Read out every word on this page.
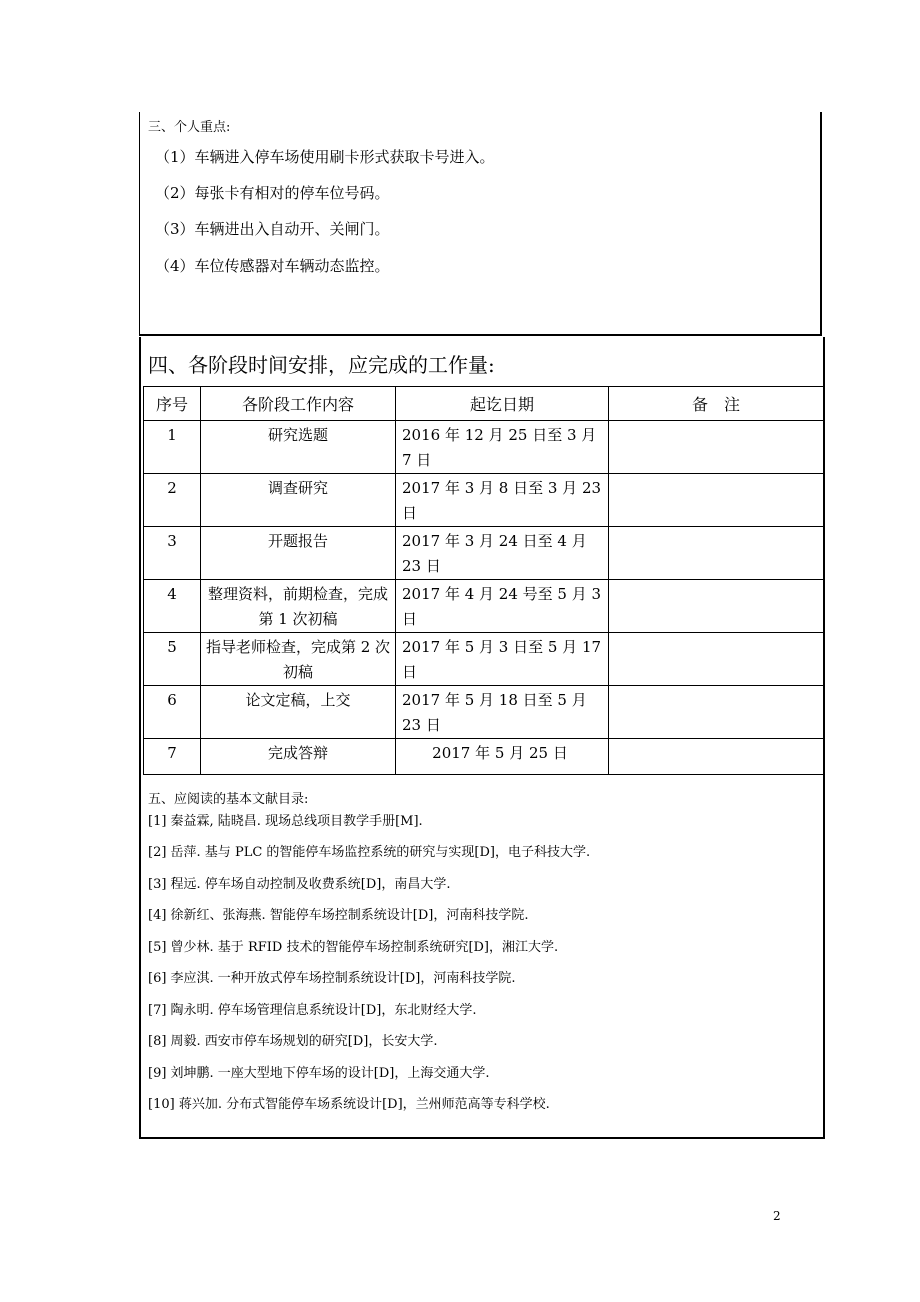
三、个人重点:
（1）车辆进入停车场使用刷卡形式获取卡号进入。
（2）每张卡有相对的停车位号码。
（3）车辆进出入自动开、关闸门。
（4）车位传感器对车辆动态监控。
四、各阶段时间安排，应完成的工作量:
序号	各阶段工作内容	起讫日期	备　注
1	研究选题	2016 年 12 月 25 日至 3 月 7 日	
2	调查研究	2017 年 3 月 8 日至 3 月 23 日	
3	开题报告	2017 年 3 月 24 日至 4 月 23 日	
4	整理资料，前期检查，完成第 1 次初稿	2017 年 4 月 24 号至 5 月 3 日	
5	指导老师检查，完成第 2 次初稿	2017 年 5 月 3 日至 5 月 17 日	
6	论文定稿，上交	2017 年 5 月 18 日至 5 月 23 日	
7	完成答辩	2017 年 5 月 25 日	
五、应阅读的基本文献目录:
[1] 秦益霖, 陆晓昌. 现场总线项目教学手册[M].
[2] 岳萍. 基与 PLC 的智能停车场监控系统的研究与实现[D]，电子科技大学.
[3] 程远. 停车场自动控制及收费系统[D]，南昌大学.
[4] 徐新红、张海燕. 智能停车场控制系统设计[D]，河南科技学院.
[5] 曾少林. 基于 RFID 技术的智能停车场控制系统研究[D]，湘江大学.
[6] 李应淇. 一种开放式停车场控制系统设计[D]，河南科技学院.
[7] 陶永明. 停车场管理信息系统设计[D]，东北财经大学.
[8] 周毅. 西安市停车场规划的研究[D]，长安大学.
[9] 刘坤鹏. 一座大型地下停车场的设计[D]，上海交通大学.
[10] 蒋兴加. 分布式智能停车场系统设计[D]，兰州师范高等专科学校.
2
